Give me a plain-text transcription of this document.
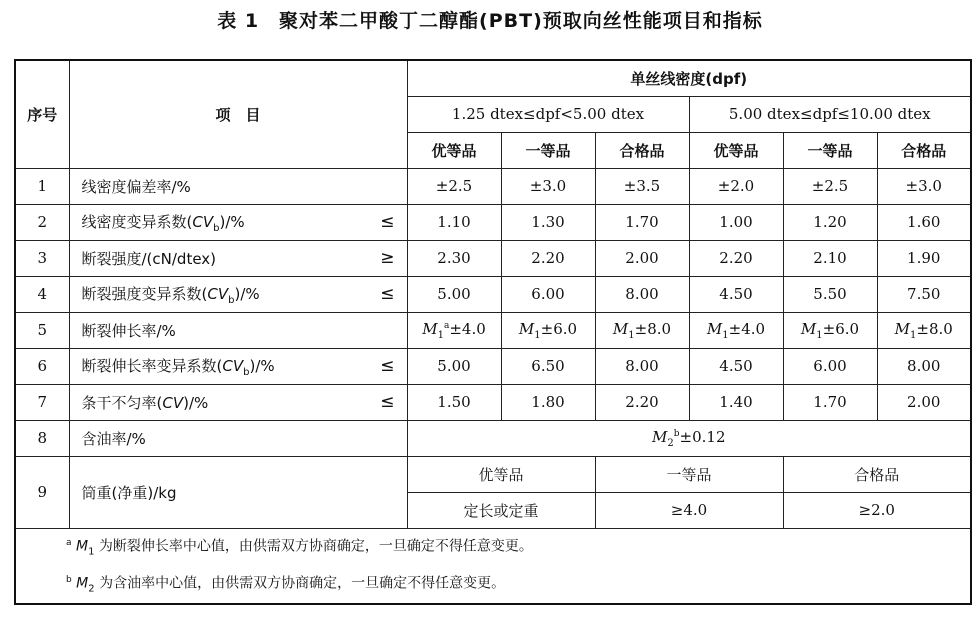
表 1　聚对苯二甲酸丁二醇酯(PBT)预取向丝性能项目和指标
序号	项　目	单丝线密度(dpf)					
		1.25 dtex≤dpf<5.00 dtex			5.00 dtex≤dpf≤10.00 dtex		
		优等品	一等品	合格品	优等品	一等品	合格品
1	线密度偏差率/%	±2.5	±3.0	±3.5	±2.0	±2.5	±3.0
2	线密度变异系数$(CV_b)/\%$ ≤	1.10	1.30	1.70	1.00	1.20	1.60
3	断裂强度/(cN/dtex) ≥	2.30	2.20	2.00	2.20	2.10	1.90
4	断裂强度变异系数$(CV_b)/\%$ ≤	5.00	6.00	8.00	4.50	5.50	7.50
5	断裂伸长率/%	$M_1^a\pm 4.0$	$M_1\pm 6.0$	$M_1\pm 8.0$	$M_1\pm 4.0$	$M_1\pm 6.0$	$M_1\pm 8.0$
6	断裂伸长率变异系数$(CV_b)/\%$ ≤	5.00	6.50	8.00	4.50	6.00	8.00
7	条干不匀率(CV)/% ≤	1.50	1.80	2.20	1.40	1.70	2.00
8	含油率/%	$M_2^b\pm 0.12$					
9	筒重(净重)/kg	优等品		一等品		合格品	
		定长或定重		≥4.0		≥2.0	

$^a$ $M_1$ 为断裂伸长率中心值，由供需双方协商确定，一旦确定不得任意变更。
$^b$ $M_2$ 为含油率中心值，由供需双方协商确定，一旦确定不得任意变更。							
